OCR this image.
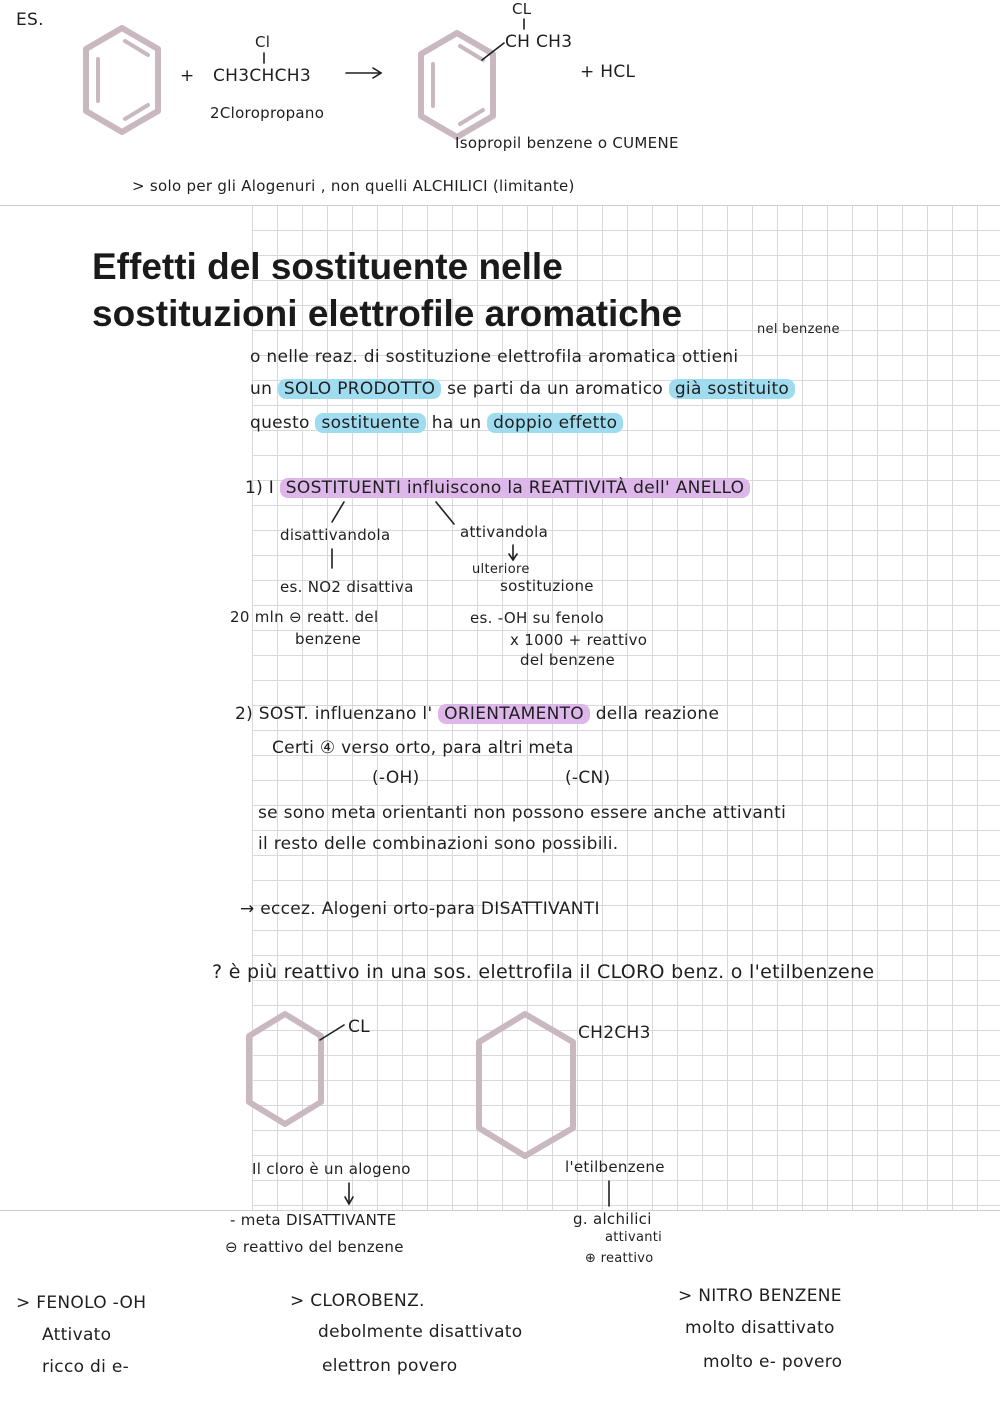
ES.
Cl
+ CH3CHCH3
2Cloropropano
CL
CH CH3
+ HCL
Isopropil benzene o CUMENE
> solo per gli Alogenuri , non quelli ALCHILICI (limitante)
Effetti del sostituente nelle
sostituzioni elettrofile aromatiche	nel benzene
o nelle reaz. di sostituzione elettrofila aromatica ottieni
un SOLO PRODOTTO se parti da un aromatico già sostituito
questo sostituente ha un doppio effetto
1) I SOSTITUENTI influiscono la REATTIVITÀ dell' ANELLO
disattivandola
es. NO2 disattiva
20 mln ⊖ reatt. del
benzene
attivandola
ulteriore
sostituzione
es. -OH su fenolo
x 1000 + reattivo
del benzene
2) SOST. influenzano l' ORIENTAMENTO della reazione
Certi ④ verso orto, para altri meta
(-OH)	(-CN)
se sono meta orientanti non possono essere anche attivanti
il resto delle combinazioni sono possibili.
→ eccez. Alogeni orto-para DISATTIVANTI
? è più reattivo in una sos. elettrofila il CLORO benz. o l'etilbenzene
CL	CH2CH3
Il cloro è un alogeno
- meta DISATTIVANTE
⊖ reattivo del benzene
l'etilbenzene
g. alchilici
attivanti
⊕ reattivo
> FENOLO -OH
Attivato
ricco di e-
> CLOROBENZ.
debolmente disattivato
elettron povero
> NITRO BENZENE
molto disattivato
molto e- povero
